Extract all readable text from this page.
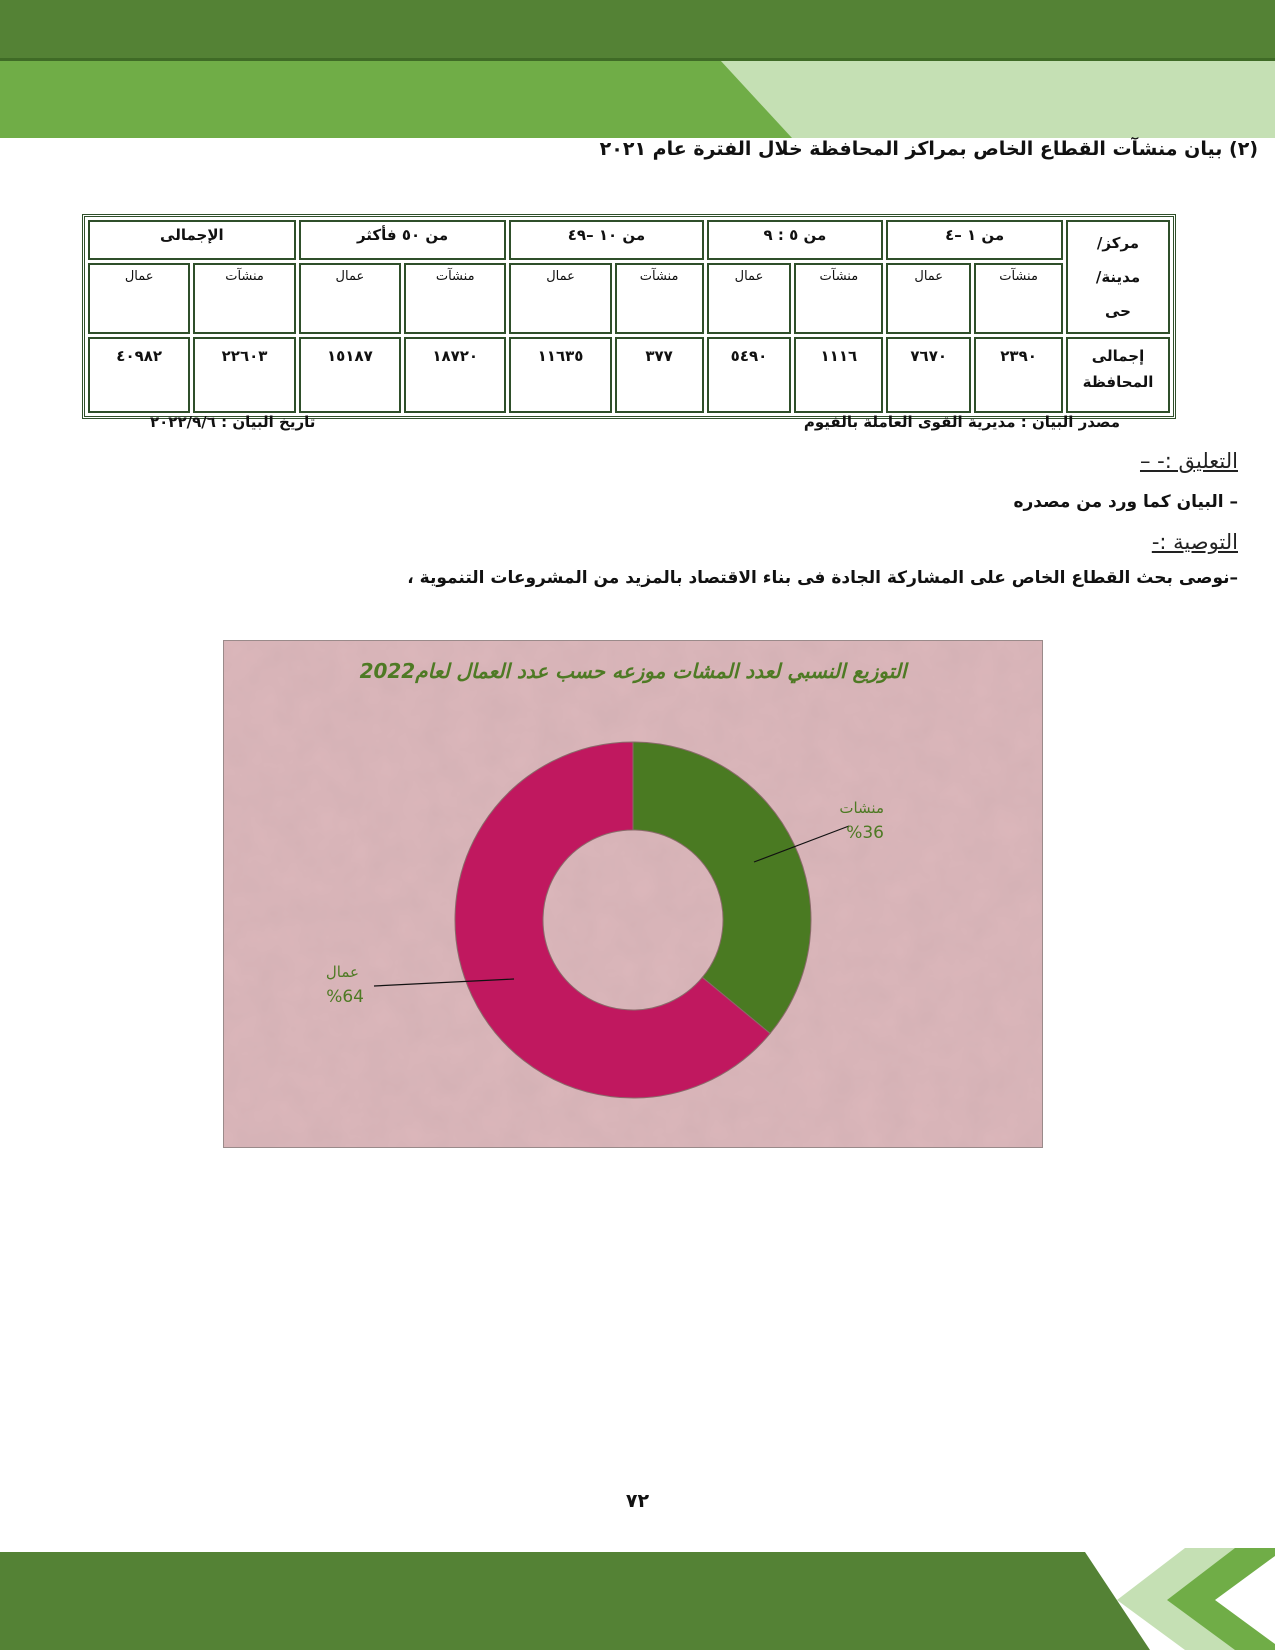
(٢) بيان منشآت القطاع الخاص بمراكز المحافظة خلال الفترة عام ٢٠٢١
مركز/
مدينة/
حى	من ١ –٤		من ٥ : ٩		من ١٠ –٤٩		من ٥٠ فأكثر		الإجمالى	
	منشآت	عمال	منشآت	عمال	منشآت	عمال	منشآت	عمال	منشآت	عمال
إجمالى
المحافظة	٢٣٩٠	٧٦٧٠	١١١٦	٥٤٩٠	٣٧٧	١١٦٣٥	١٨٧٢٠	١٥١٨٧	٢٢٦٠٣	٤٠٩٨٢
مصدر البيان : مديرية القوى العاملة بالفيوم
تاريخ البيان : ٢٠٢٢/٩/٦
التعليق :- –
– البيان كما ورد من مصدره
التوصية :-
–نوصى بحث القطاع الخاص على المشاركة الجادة فى بناء الاقتصاد بالمزيد من المشروعات التنموية ،
التوزيع النسبي لعدد المشات موزعه حسب عدد العمال لعام2022
منشات
%36
عمال
%64
٧٢
